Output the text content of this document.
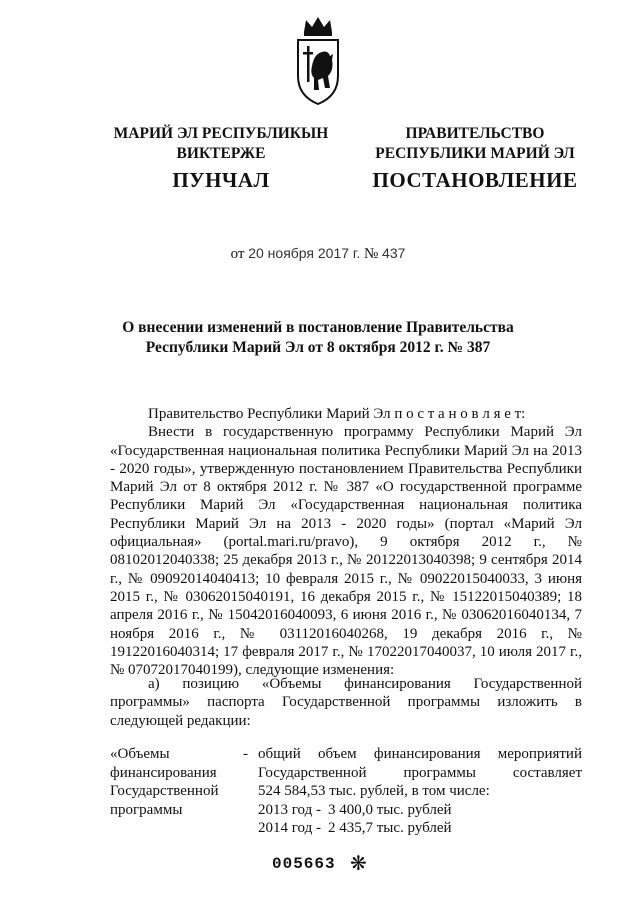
МАРИЙ ЭЛ РЕСПУБЛИКЫН
ВИКТЕРЖЕ
ПРАВИТЕЛЬСТВО
РЕСПУБЛИКИ МАРИЙ ЭЛ
ПУНЧАЛ	ПОСТАНОВЛЕНИЕ
от 20 ноября 2017 г. № 437
О внесении изменений в постановление Правительства
Республики Марий Эл от 8 октября 2012 г. № 387

Правительство Республики Марий Эл п о с т а н о в л я е т:

Внести в государственную программу Республики Марий Эл «Государственная национальная политика Республики Марий Эл на 2013 - 2020 годы», утвержденную постановлением Правительства Республики Марий Эл от 8 октября 2012 г. № 387 «О государственной программе Республики Марий Эл «Государственная национальная политика Республики Марий Эл на 2013 - 2020 годы» (портал «Марий Эл официальная» (portal.mari.ru/pravo), 9 октября 2012 г., № 08102012040338; 25 декабря 2013 г., № 20122013040398; 9 сентября 2014 г., № 09092014040413; 10 февраля 2015 г., № 09022015040033, 3 июня 2015 г., № 03062015040191, 16 декабря 2015 г., № 15122015040389; 18 апреля 2016 г., № 15042016040093, 6 июня 2016 г., № 03062016040134, 7 ноября 2016 г., № 03112016040268, 19 декабря 2016 г., № 19122016040314; 17 февраля 2017 г., № 17022017040037, 10 июля 2017 г., № 07072017040199), следующие изменения:

а) позицию «Объемы финансирования Государственной программы» паспорта Государственной программы изложить в следующей редакции:

«Объемы
финансирования
Государственной
программы
- общий объем финансирования мероприятий Государственной программы составляет
524 584,53 тыс. рублей, в том числе:
2013 год - 3 400,0 тыс. рублей
2014 год - 2 435,7 тыс. рублей
005663 ❋
